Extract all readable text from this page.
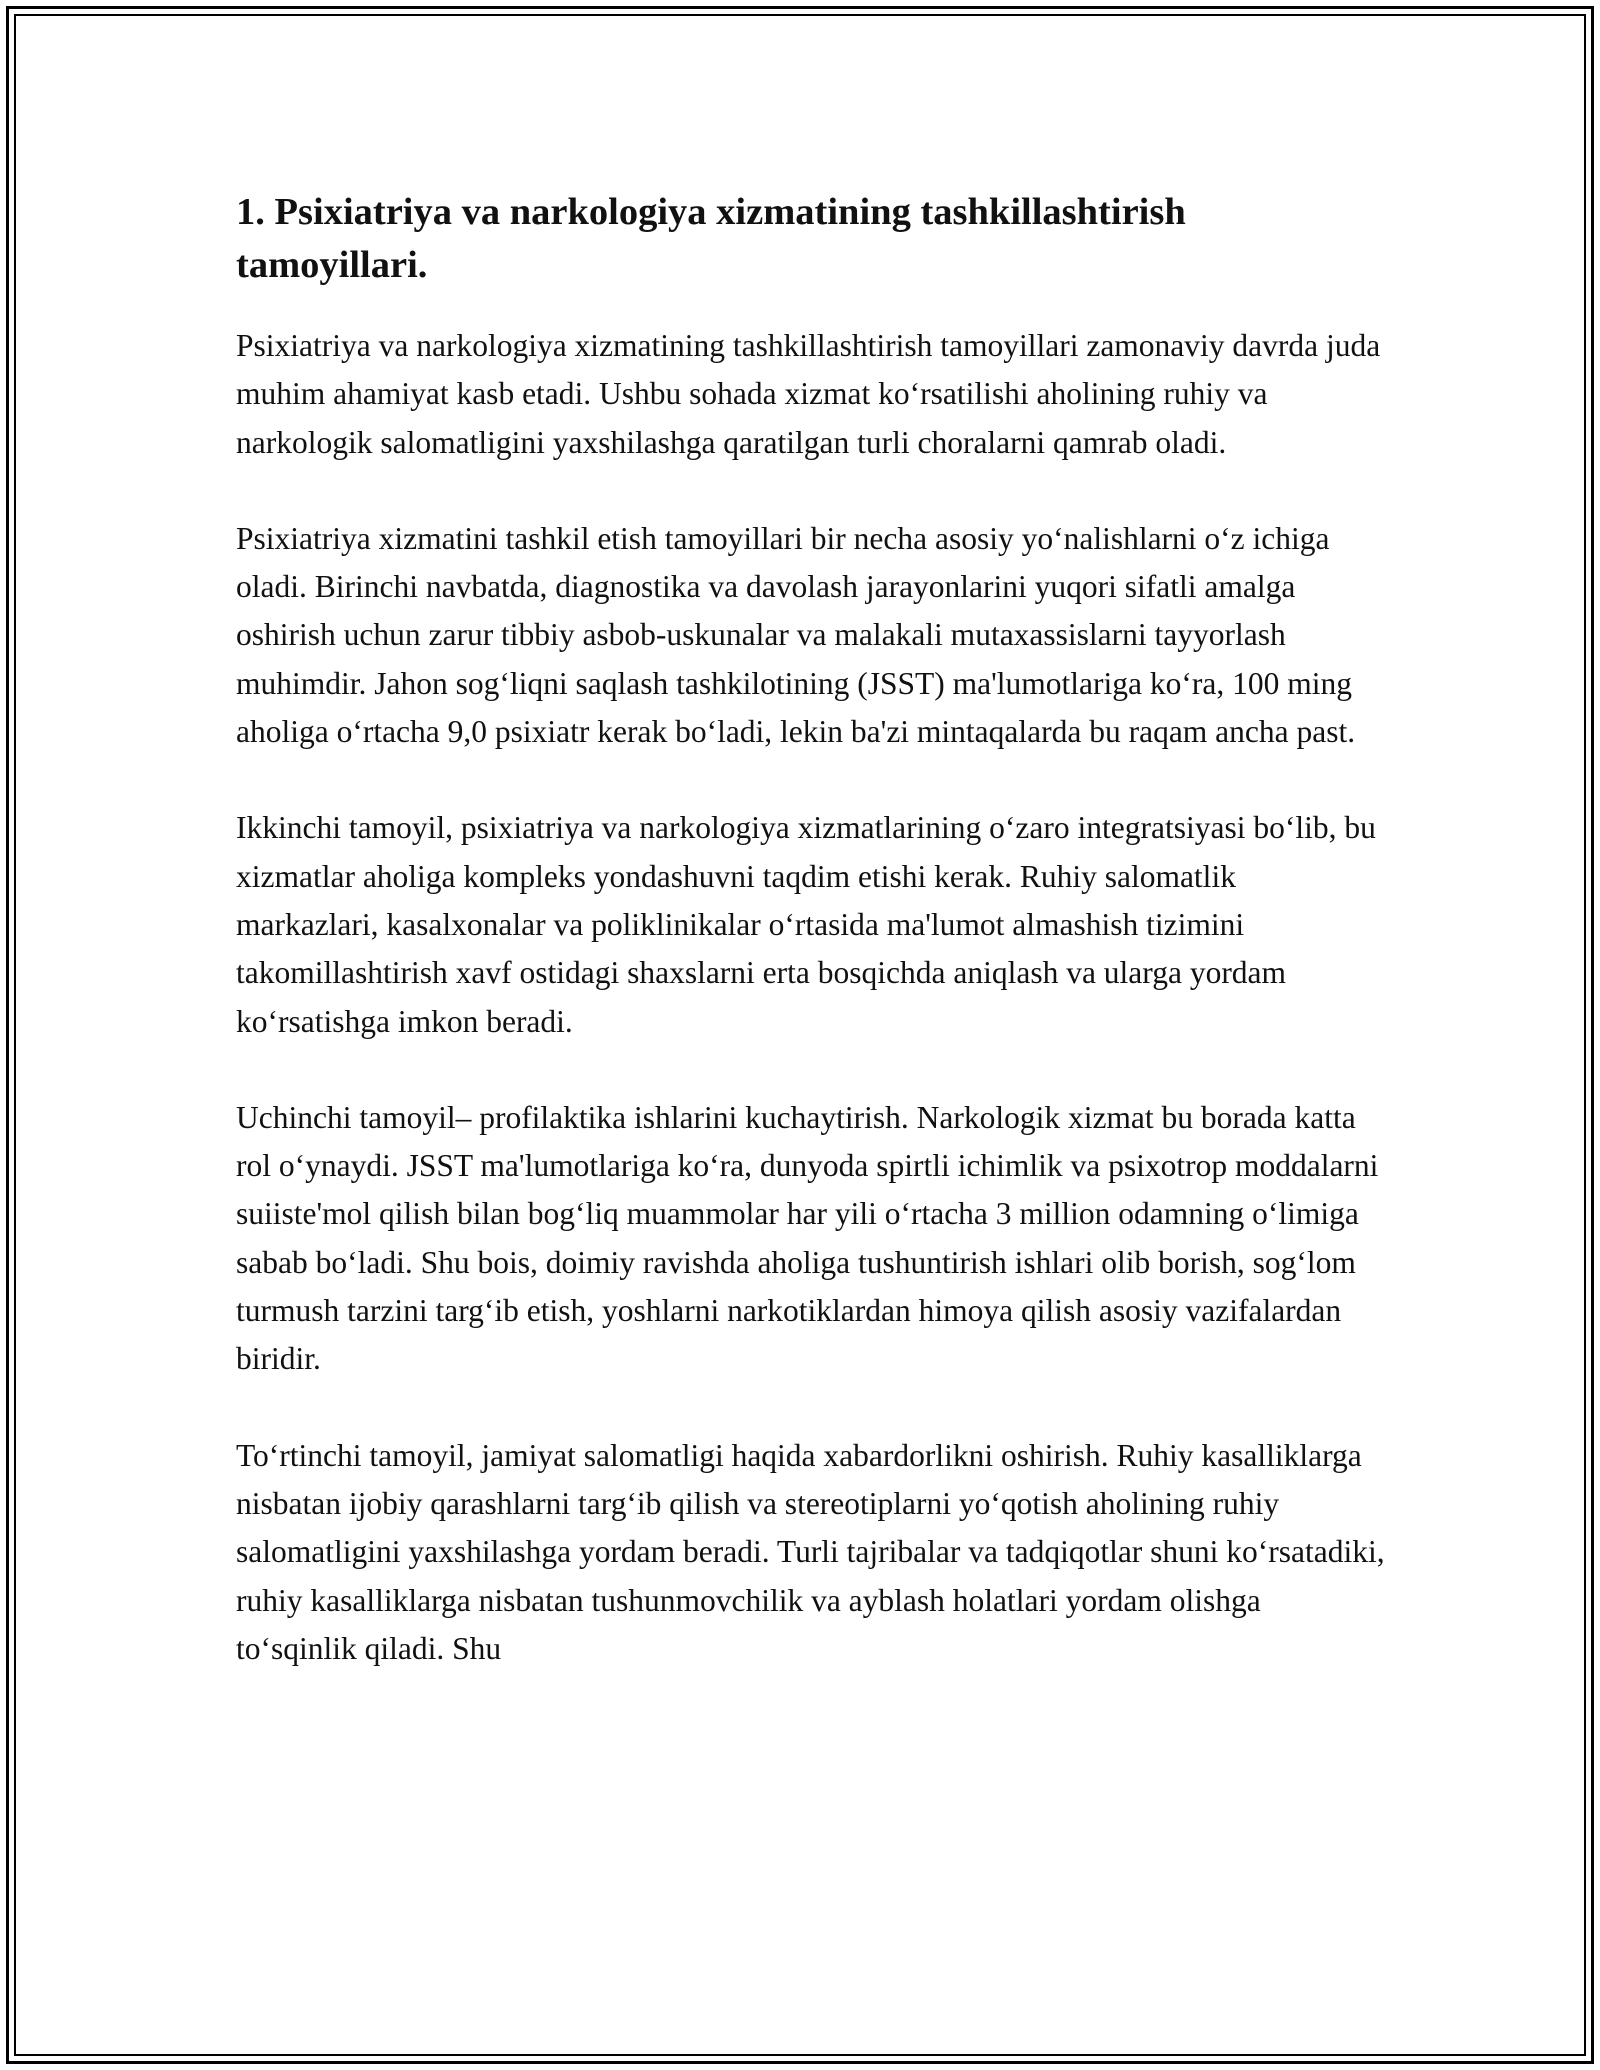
1. Psixiatriya va narkologiya xizmatining tashkillashtirish tamoyillari.

Psixiatriya va narkologiya xizmatining tashkillashtirish tamoyillari zamonaviy davrda juda muhim ahamiyat kasb etadi. Ushbu sohada xizmat ko‘rsatilishi aholining ruhiy va narkologik salomatligini yaxshilashga qaratilgan turli choralarni qamrab oladi.

Psixiatriya xizmatini tashkil etish tamoyillari bir necha asosiy yo‘nalishlarni o‘z ichiga oladi. Birinchi navbatda, diagnostika va davolash jarayonlarini yuqori sifatli amalga oshirish uchun zarur tibbiy asbob-uskunalar va malakali mutaxassislarni tayyorlash muhimdir. Jahon sog‘liqni saqlash tashkilotining (JSST) ma'lumotlariga ko‘ra, 100 ming aholiga o‘rtacha 9,0 psixiatr kerak bo‘ladi, lekin ba'zi mintaqalarda bu raqam ancha past.

Ikkinchi tamoyil, psixiatriya va narkologiya xizmatlarining o‘zaro integratsiyasi bo‘lib, bu xizmatlar aholiga kompleks yondashuvni taqdim etishi kerak. Ruhiy salomatlik markazlari, kasalxonalar va poliklinikalar o‘rtasida ma'lumot almashish tizimini takomillashtirish xavf ostidagi shaxslarni erta bosqichda aniqlash va ularga yordam ko‘rsatishga imkon beradi.

Uchinchi tamoyil– profilaktika ishlarini kuchaytirish. Narkologik xizmat bu borada katta rol o‘ynaydi. JSST ma'lumotlariga ko‘ra, dunyoda spirtli ichimlik va psixotrop moddalarni suiiste'mol qilish bilan bog‘liq muammolar har yili o‘rtacha 3 million odamning o‘limiga sabab bo‘ladi. Shu bois, doimiy ravishda aholiga tushuntirish ishlari olib borish, sog‘lom turmush tarzini targ‘ib etish, yoshlarni narkotiklardan himoya qilish asosiy vazifalardan biridir.

To‘rtinchi tamoyil, jamiyat salomatligi haqida xabardorlikni oshirish. Ruhiy kasalliklarga nisbatan ijobiy qarashlarni targ‘ib qilish va stereotiplarni yo‘qotish aholining ruhiy salomatligini yaxshilashga yordam beradi. Turli tajribalar va tadqiqotlar shuni ko‘rsatadiki, ruhiy kasalliklarga nisbatan tushunmovchilik va ayblash holatlari yordam olishga to‘sqinlik qiladi. Shu
